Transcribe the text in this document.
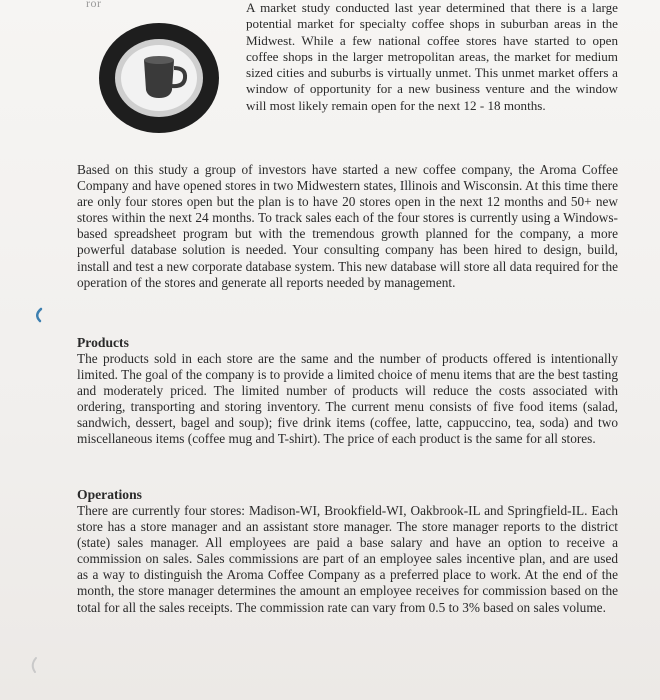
ror	A market study conducted last year determined that there is a large potential market for specialty coffee shops in suburban areas in the Midwest. While a few national coffee stores have started to open coffee shops in the larger metropolitan areas, the market for medium sized cities and suburbs is virtually unmet. This unmet market offers a window of opportunity for a new business venture and the window will most likely remain open for the next 12 - 18 months.

Based on this study a group of investors have started a new coffee company, the Aroma Coffee Company and have opened stores in two Midwestern states, Illinois and Wisconsin. At this time there are only four stores open but the plan is to have 20 stores open in the next 12 months and 50+ new stores within the next 24 months. To track sales each of the four stores is currently using a Windows-based spreadsheet program but with the tremendous growth planned for the company, a more powerful database solution is needed. Your consulting company has been hired to design, build, install and test a new corporate database system. This new database will store all data required for the operation of the stores and generate all reports needed by management.

Products

The products sold in each store are the same and the number of products offered is intentionally limited. The goal of the company is to provide a limited choice of menu items that are the best tasting and moderately priced. The limited number of products will reduce the costs associated with ordering, transporting and storing inventory. The current menu consists of five food items (salad, sandwich, dessert, bagel and soup); five drink items (coffee, latte, cappuccino, tea, soda) and two miscellaneous items (coffee mug and T-shirt). The price of each product is the same for all stores.

Operations

There are currently four stores: Madison-WI, Brookfield-WI, Oakbrook-IL and Springfield-IL. Each store has a store manager and an assistant store manager. The store manager reports to the district (state) sales manager. All employees are paid a base salary and have an option to receive a commission on sales. Sales commissions are part of an employee sales incentive plan, and are used as a way to distinguish the Aroma Coffee Company as a preferred place to work. At the end of the month, the store manager determines the amount an employee receives for commission based on the total for all the sales receipts. The commission rate can vary from 0.5 to 3% based on sales volume.
